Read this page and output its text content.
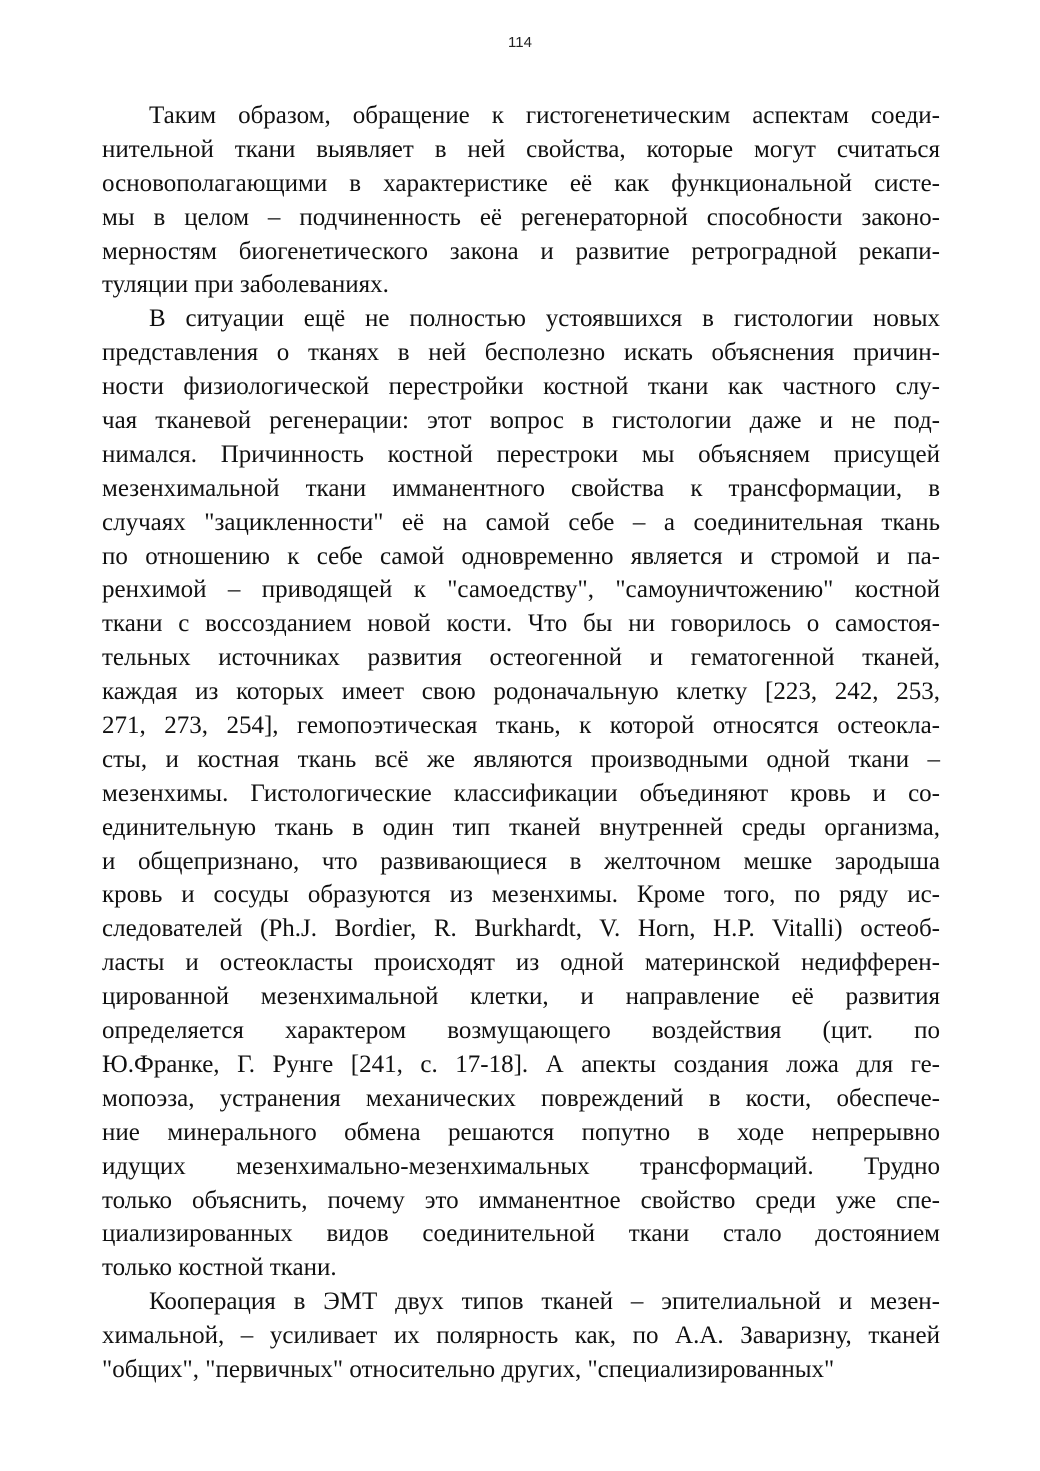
114
Таким образом, обращение к гистогенетическим аспектам соеди-
нительной ткани выявляет в ней свойства, которые могут считаться
основополагающими в характеристике её как функциональной систе-
мы в целом – подчиненность её регенераторной способности законо-
мерностям биогенетического закона и развитие ретроградной рекапи-
туляции при заболеваниях.
В ситуации ещё не полностью устоявшихся в гистологии новых
представления о тканях в ней бесполезно искать объяснения причин-
ности физиологической перестройки костной ткани как частного слу-
чая тканевой регенерации: этот вопрос в гистологии даже и не под-
нимался. Причинность костной перестроки мы объясняем присущей
мезенхимальной ткани имманентного свойства к трансформации, в
случаях "зацикленности" её на самой себе – а соединительная ткань
по отношению к себе самой одновременно является и стромой и па-
ренхимой – приводящей к "самоедству", "самоуничтожению" костной
ткани с воссозданием новой кости. Что бы ни говорилось о самостоя-
тельных источниках развития остеогенной и гематогенной тканей,
каждая из которых имеет свою родоначальную клетку [223, 242, 253,
271, 273, 254], гемопоэтическая ткань, к которой относятся остеокла-
сты, и костная ткань всё же являются производными одной ткани –
мезенхимы. Гистологические классификации объединяют кровь и со-
единительную ткань в один тип тканей внутренней среды организма,
и общепризнано, что развивающиеся в желточном мешке зародыша
кровь и сосуды образуются из мезенхимы. Кроме того, по ряду ис-
следователей (Ph.J. Bordier, R. Burkhardt, V. Horn, H.P. Vitalli) остеоб-
ласты и остеокласты происходят из одной материнской недифферен-
цированной мезенхимальной клетки, и направление её развития
определяется характером возмущающего воздействия (цит. по
Ю.Франке, Г. Рунге [241, с. 17-18]. А апекты создания ложа для ге-
мопоэза, устранения механических повреждений в кости, обеспече-
ние минерального обмена решаются попутно в ходе непрерывно
идущих мезенхимально-мезенхимальных трансформаций. Трудно
только объяснить, почему это имманентное свойство среди уже спе-
циализированных видов соединительной ткани стало достоянием
только костной ткани.
Кооперация в ЭМТ двух типов тканей – эпителиальной и мезен-
химальной, – усиливает их полярность как, по А.А. Заваризну, тканей
"общих", "первичных" относительно других, "специализированных"
